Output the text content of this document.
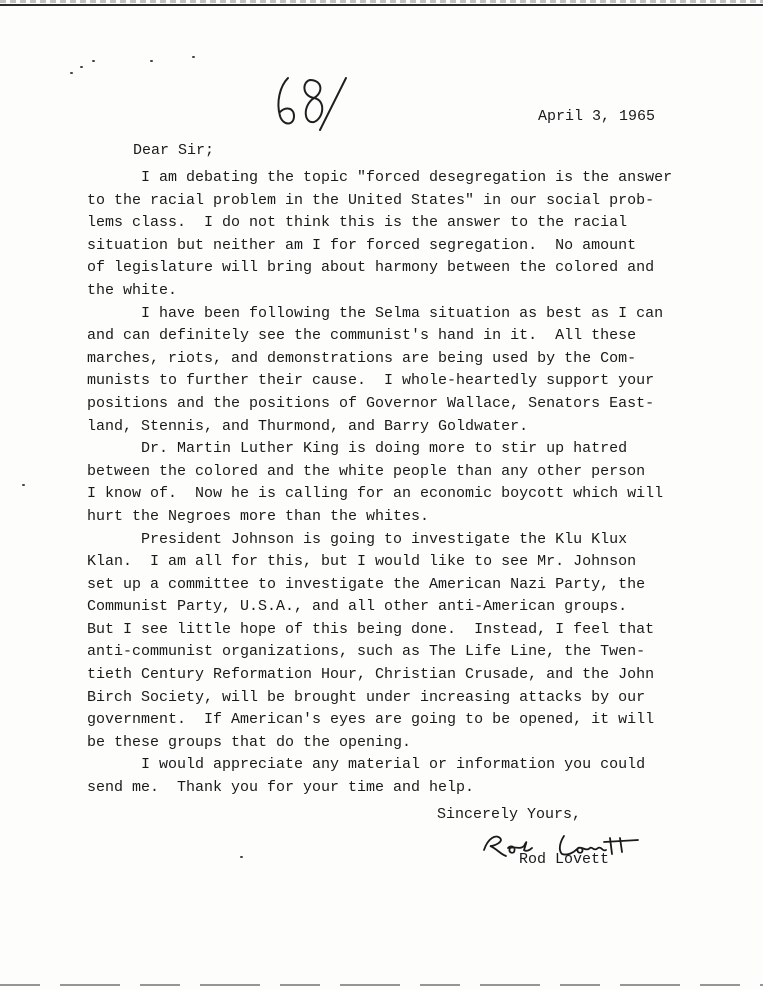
April 3, 1965
Dear Sir;
I am debating the topic "forced desegregation is the answer
to the racial problem in the United States" in our social prob-
lems class.  I do not think this is the answer to the racial
situation but neither am I for forced segregation.  No amount
of legislature will bring about harmony between the colored and
the white.
I have been following the Selma situation as best as I can
and can definitely see the communist's hand in it.  All these
marches, riots, and demonstrations are being used by the Com-
munists to further their cause.  I whole-heartedly support your
positions and the positions of Governor Wallace, Senators East-
land, Stennis, and Thurmond, and Barry Goldwater.
Dr. Martin Luther King is doing more to stir up hatred
between the colored and the white people than any other person
I know of.  Now he is calling for an economic boycott which will
hurt the Negroes more than the whites.
President Johnson is going to investigate the Klu Klux
Klan.  I am all for this, but I would like to see Mr. Johnson
set up a committee to investigate the American Nazi Party, the
Communist Party, U.S.A., and all other anti-American groups.
But I see little hope of this being done.  Instead, I feel that
anti-communist organizations, such as The Life Line, the Twen-
tieth Century Reformation Hour, Christian Crusade, and the John
Birch Society, will be brought under increasing attacks by our
government.  If American's eyes are going to be opened, it will
be these groups that do the opening.
I would appreciate any material or information you could
send me.  Thank you for your time and help.
Sincerely Yours,
Rod Lovett
